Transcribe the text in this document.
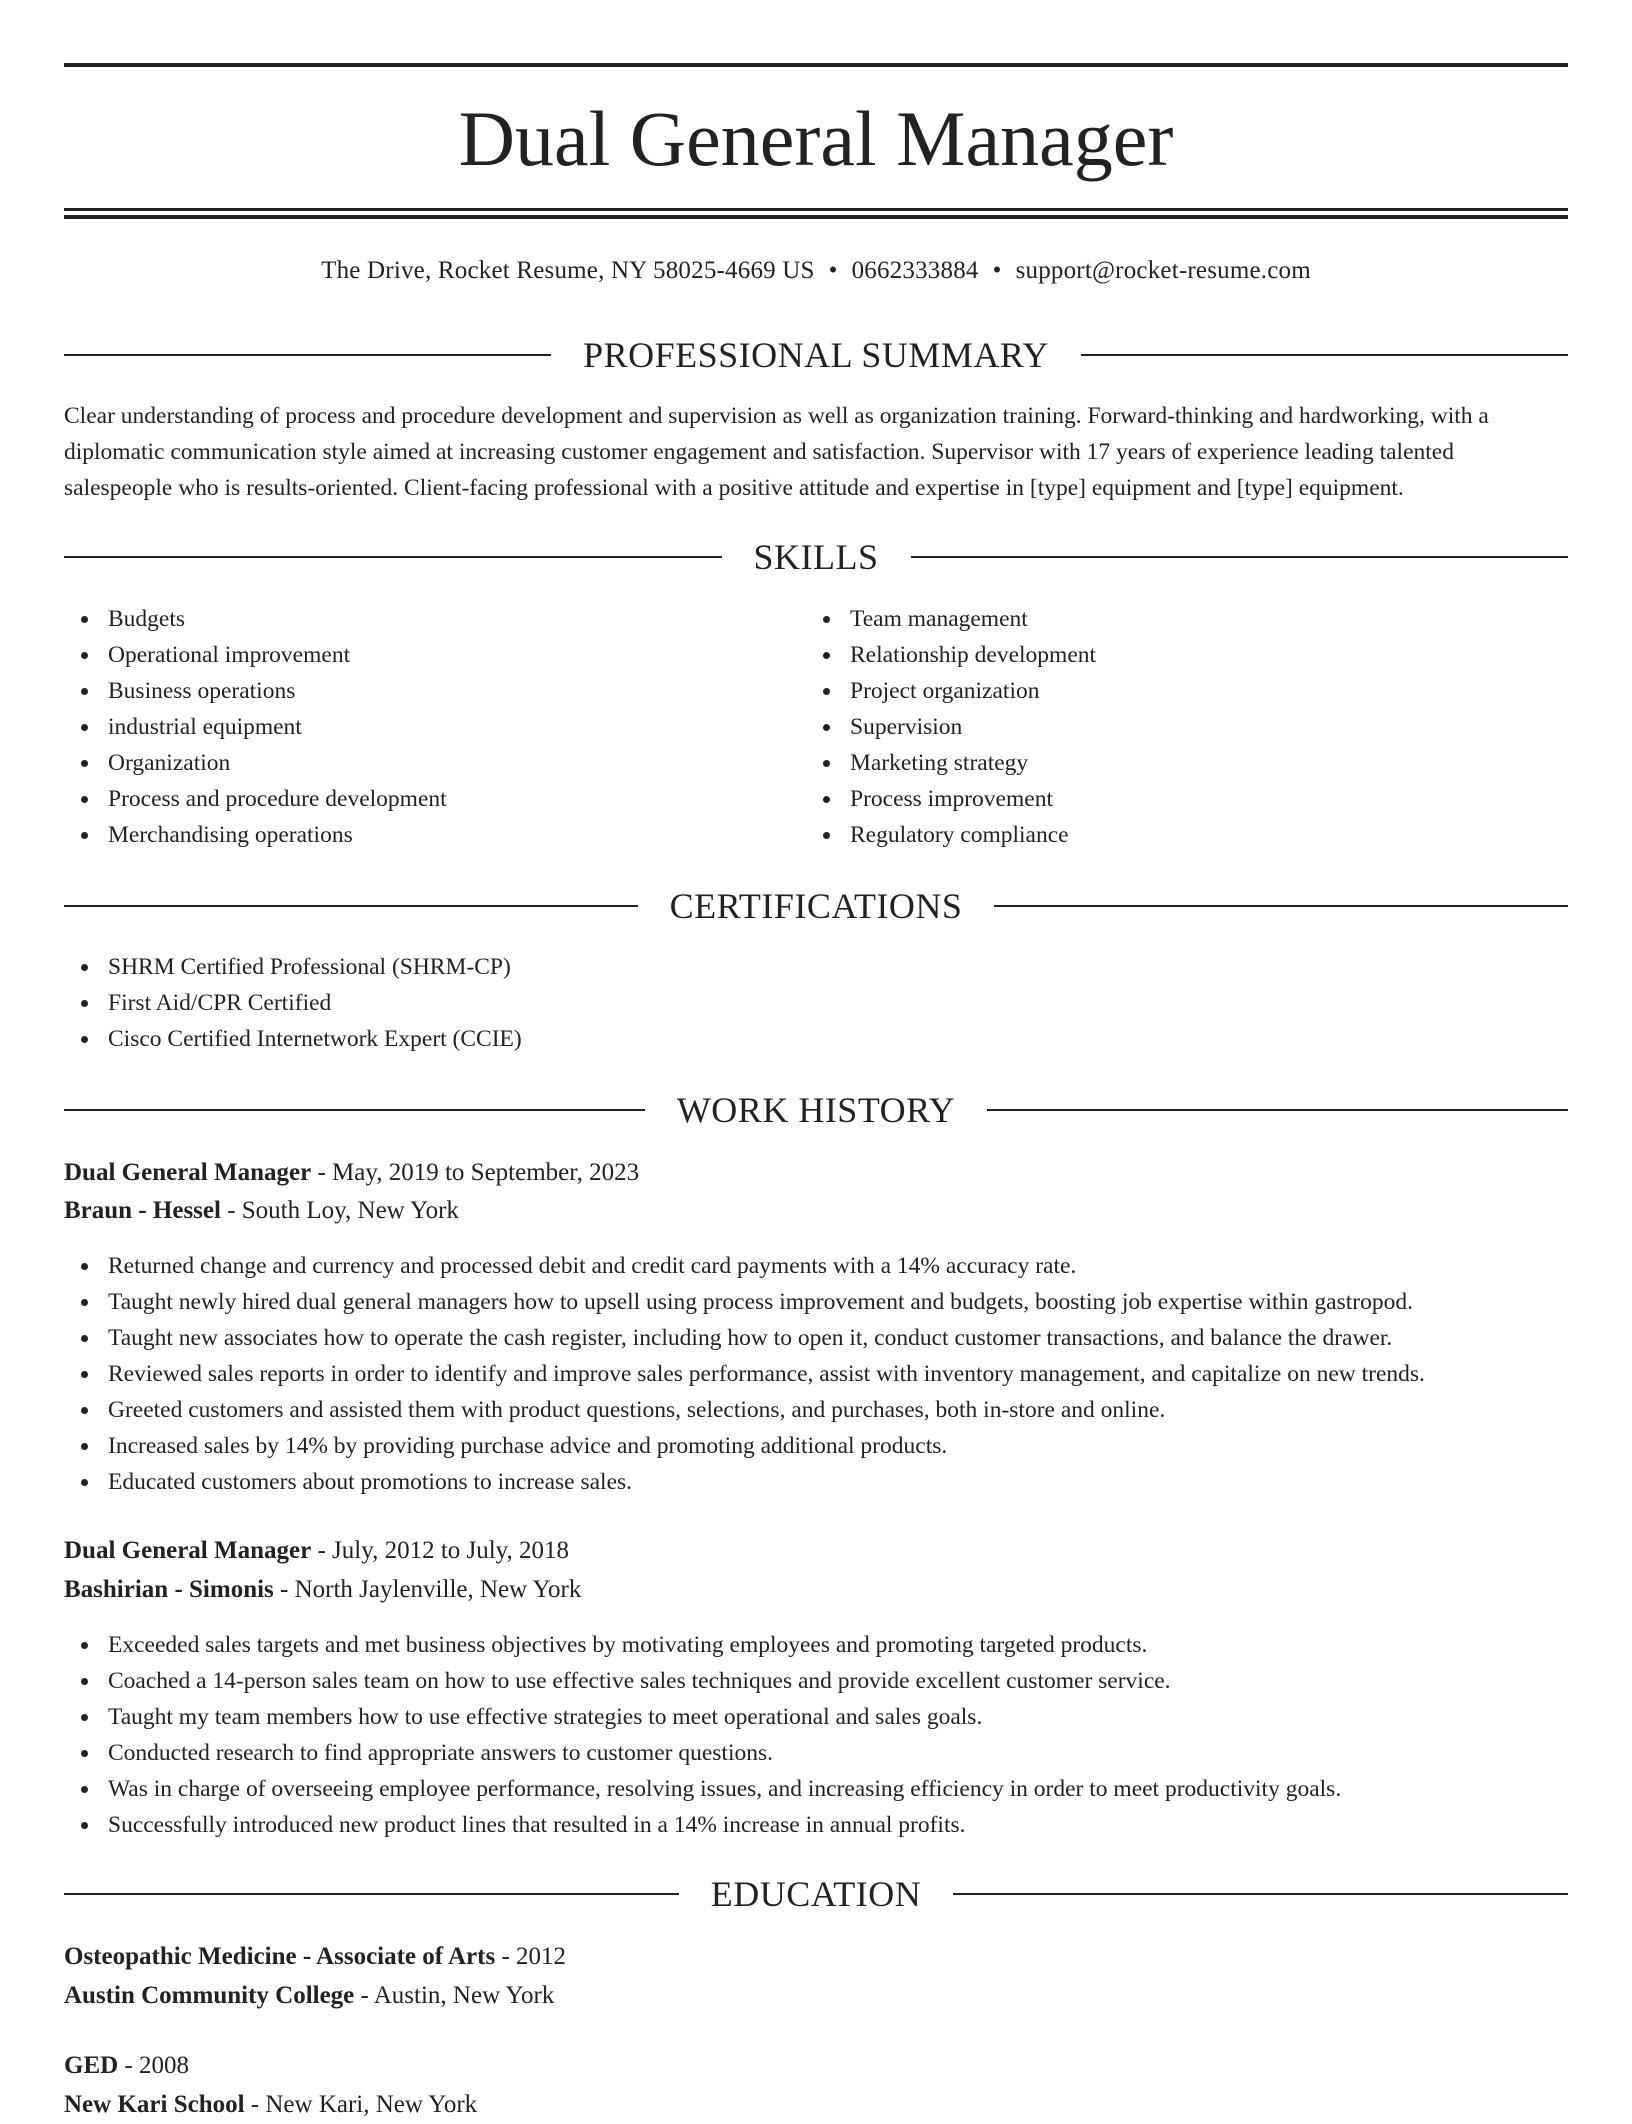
Dual General Manager
The Drive, Rocket Resume, NY 58025-4669 US • 0662333884 • support@rocket-resume.com
PROFESSIONAL SUMMARY

Clear understanding of process and procedure development and supervision as well as organization training. Forward-thinking and hardworking, with a diplomatic communication style aimed at increasing customer engagement and satisfaction. Supervisor with 17 years of experience leading talented salespeople who is results-oriented. Client-facing professional with a positive attitude and expertise in [type] equipment and [type] equipment.

SKILLS
Budgets
Operational improvement
Business operations
industrial equipment
Organization
Process and procedure development
Merchandising operations
Team management
Relationship development
Project organization
Supervision
Marketing strategy
Process improvement
Regulatory compliance
CERTIFICATIONS
SHRM Certified Professional (SHRM-CP)
First Aid/CPR Certified
Cisco Certified Internetwork Expert (CCIE)
WORK HISTORY
Dual General Manager - May, 2019 to September, 2023
Braun - Hessel - South Loy, New York
Returned change and currency and processed debit and credit card payments with a 14% accuracy rate.
Taught newly hired dual general managers how to upsell using process improvement and budgets, boosting job expertise within gastropod.
Taught new associates how to operate the cash register, including how to open it, conduct customer transactions, and balance the drawer.
Reviewed sales reports in order to identify and improve sales performance, assist with inventory management, and capitalize on new trends.
Greeted customers and assisted them with product questions, selections, and purchases, both in-store and online.
Increased sales by 14% by providing purchase advice and promoting additional products.
Educated customers about promotions to increase sales.
Dual General Manager - July, 2012 to July, 2018
Bashirian - Simonis - North Jaylenville, New York
Exceeded sales targets and met business objectives by motivating employees and promoting targeted products.
Coached a 14-person sales team on how to use effective sales techniques and provide excellent customer service.
Taught my team members how to use effective strategies to meet operational and sales goals.
Conducted research to find appropriate answers to customer questions.
Was in charge of overseeing employee performance, resolving issues, and increasing efficiency in order to meet productivity goals.
Successfully introduced new product lines that resulted in a 14% increase in annual profits.
EDUCATION
Osteopathic Medicine - Associate of Arts - 2012
Austin Community College - Austin, New York
GED - 2008
New Kari School - New Kari, New York
